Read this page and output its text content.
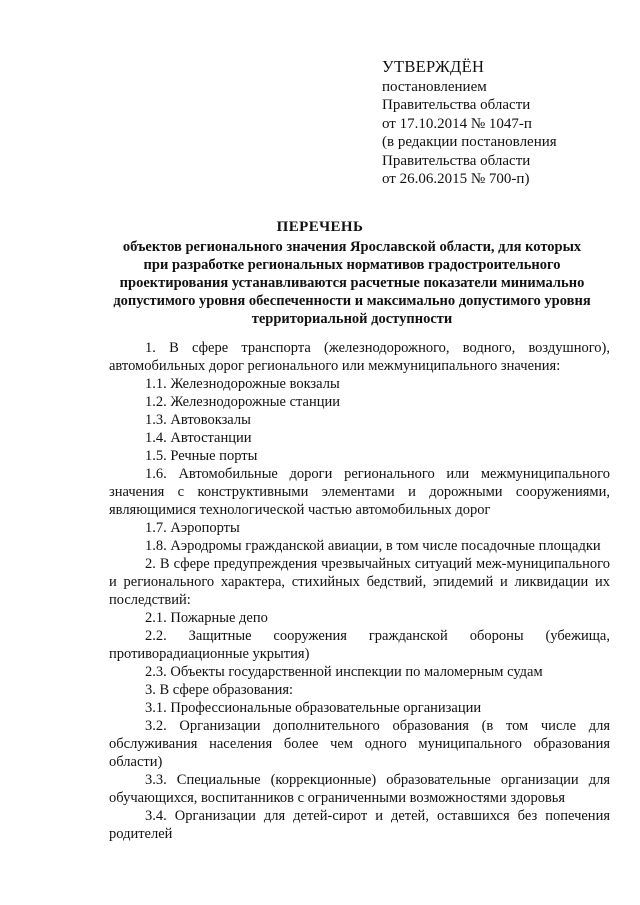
УТВЕРЖДЁН
постановлением
Правительства области
от 17.10.2014 № 1047-п
(в редакции постановления
Правительства области
от 26.06.2015 № 700-п)
ПЕРЕЧЕНЬ
объектов регионального значения Ярославской области, для которых
при разработке региональных нормативов градостроительного
проектирования устанавливаются расчетные показатели минимально
допустимого уровня обеспеченности и максимально допустимого уровня
территориальной доступности

1. В сфере транспорта (железнодорожного, водного, воздушного), автомобильных дорог регионального или межмуниципального значения:

1.1. Железнодорожные вокзалы

1.2. Железнодорожные станции

1.3. Автовокзалы

1.4. Автостанции

1.5. Речные порты

1.6. Автомобильные дороги регионального или межмуниципального значения с конструктивными элементами и дорожными сооружениями, являющимися технологической частью автомобильных дорог

1.7. Аэропорты

1.8. Аэродромы гражданской авиации, в том числе посадочные площадки

2. В сфере предупреждения чрезвычайных ситуаций меж-муниципального и регионального характера, стихийных бедствий, эпидемий и ликвидации их последствий:

2.1. Пожарные депо

2.2. Защитные сооружения гражданской обороны (убежища, противорадиационные укрытия)

2.3. Объекты государственной инспекции по маломерным судам

3. В сфере образования:

3.1. Профессиональные образовательные организации

3.2. Организации дополнительного образования (в том числе для обслуживания населения более чем одного муниципального образования области)

3.3. Специальные (коррекционные) образовательные организации для обучающихся, воспитанников с ограниченными возможностями здоровья

3.4. Организации для детей-сирот и детей, оставшихся без попечения родителей
